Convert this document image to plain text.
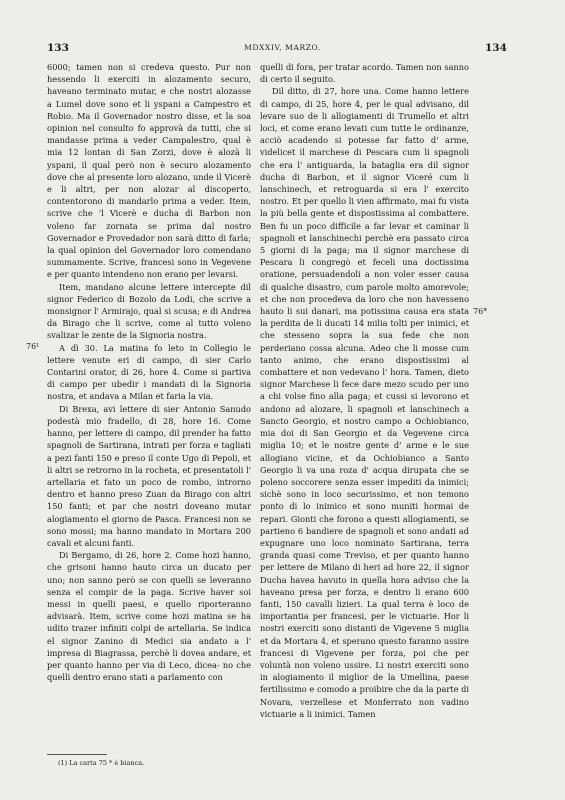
133	MDXXIV, MARZO.	134
76¹
76*

6000; tamen non si credeva questo. Pur non hessendo li exerciti in alozamento securo, haveano terminato mutar, e che nostri alozasse a Lumel dove sono et li yspani a Campestro et Robio. Ma il Governador nostro disse, et la soa opinion nel consulto fo approvà da tutti, che si mandasse prima a veder Campalestro, qual è mia 12 lontan di San Zorzi, dove è alozà li yspani, il qual però non è securo alozamento dove che al presente loro alozano, unde il Vicerè e li altri, per non alozar al discoperto, contentorono di mandarlo prima a veder. Item, scrive che 'l Vicerè e ducha di Barbon non voleno far zornata se prima dal nostro Governador e Provedador non sarà ditto di farla; la qual opinion del Governador loro comendano summamente. Scrive, francesi sono in Vegevene e per quanto intendeno non erano per levarsi.

Item, mandano alcune lettere intercepte dil signor Federico di Bozolo da Lodi, che scrive a monsignor l' Armirajo, qual si scusa; e di Andrea da Birago che li scrive, come al tutto voleno svalizar le zente de la Signoria nostra.

A dì 30. La matina fo leto in Collegio le lettere venute eri di campo, di sier Carlo Contarini orator, di 26, hore 4. Come si partiva di campo per ubedir i mandati di la Signoria nostra, et andava a Milan et faria la via.

Di Brexa, avi lettere di sier Antonio Sanudo podestà mio fradello, di 28, hore 16. Come hanno, per lettere di campo, dil prender ha fatto spagnoli de Sartirana, intrati per forza e tagliati a pezi fanti 150 e preso il conte Ugo di Pepoli, et li altri se retrorno in la rocheta, et presentatoli l' artellaria et fato un poco de rombo, introrno dentro et hanno preso Zuan da Birago con altri 150 fanti; et par che nostri doveano mutar alogiamento el giorno de Pasca. Francesi non se sono mossi; ma hanno mandato in Mortara 200 cavali et alcuni fanti.

Di Bergamo, di 26, hore 2. Come hozi hanno, che grisoni hanno hauto circa un ducato per uno; non sanno però se con quelli se leveranno senza el compir de la paga. Scrive haver soi messi in quelli paesi, e quello riporteranno advisarà. Item, scrive come hozi matina se ha udito trazer infiniti colpi de artellaria. Se indica el signor Zanino di Medici sia andato a l' impresa di Biagrassa, perchè li dovea andare, et per quanto hanno per via di Leco, dicea- no che quelli dentro erano stati a parlamento con

quelli di fora, per tratar acordo. Tamen non sanno di certo il seguito.

Dil ditto, di 27, hore una. Come hanno lettere di campo, di 25, hore 4, per le qual advisano, dil levare suo de li allogiamenti di Trumello et altri loci, et come erano levati cum tutte le ordinanze, acciò acadendo si potesse far fatto d' arme, videlicet il marchese di Pescara cum li spagnoli che era l' antiguarda, la bataglia era dil signor ducha di Barbon, et il signor Viceré cum li lanschinech, et retroguarda si era l' exercito nostro. Et per quello li vien affirmato, mai fu vista la più bella gente et dispostissima al combattere. Ben fu un poco difficile a far levar et caminar li spagnoli et lanschinechi perchè era passato circa 5 giorni di la paga; ma il signor marchese di Pescara li congregò et feceli una doctissima oratione, persuadendoli a non voler esser causa di qualche disastro, cum parole molto amorevole; et che non procedeva da loro che non havesseno hauto li sui danari, ma potissima causa era stata la perdita de li ducati 14 milia tolti per inimici, et che stesseno sopra la sua fede che non perderiano cossa alcuna. Adeo che li mosse cum tanto animo, che erano dispostissimi al combattere et non vedevano l' hora. Tamen, dieto signor Marchese li fece dare mezo scudo per uno a chi volse fino alla paga; et cussi si levorono et andono ad alozare, li spagnoli et lanschinech a Sancto Georgio, et nostro campo a Ochiobianco, mia doi di San Georgio et da Vegevene circa miglia 10; et le nostre gente d' arme e le sue allogiano vicine, et da Ochiobianco a Santo Georgio li va una roza d' acqua dirupata che se poleno soccorere senza esser impediti da inimici; sichè sono in loco securissimo, et non temono ponto di lo inimico et sono muniti hormai de repari. Gionti che forono a questi allogiamenti, se partieno 6 bandiere de spagnoli et sono andati ad expugnare uno loco nominato Sartirana, terra granda quasi come Treviso, et per quanto hanno per lettere de Milano di heri ad hore 22, il signor Ducha havea havuto in quella hora adviso che la haveano presa per forza, e dentro li erano 600 fanti, 150 cavalli lizieri. La qual terra è loco de importantia per francesi, per le victuarie. Hor li nostri exerciti sono distanti de Vigevene 5 miglia et da Mortara 4, et sperano questo faranno ussire francesi di Vigevene per forza, poi che per voluntà non voleno ussire. Li nostri exerciti sono in alogiamento il miglior de la Umellina, paese fertilissimo e comodo a proibire che da la parte di Novara, verzellese et Monferrato non vadino victuarie a li inimici. Tamen

(1) La carta 75 * è bianca.
